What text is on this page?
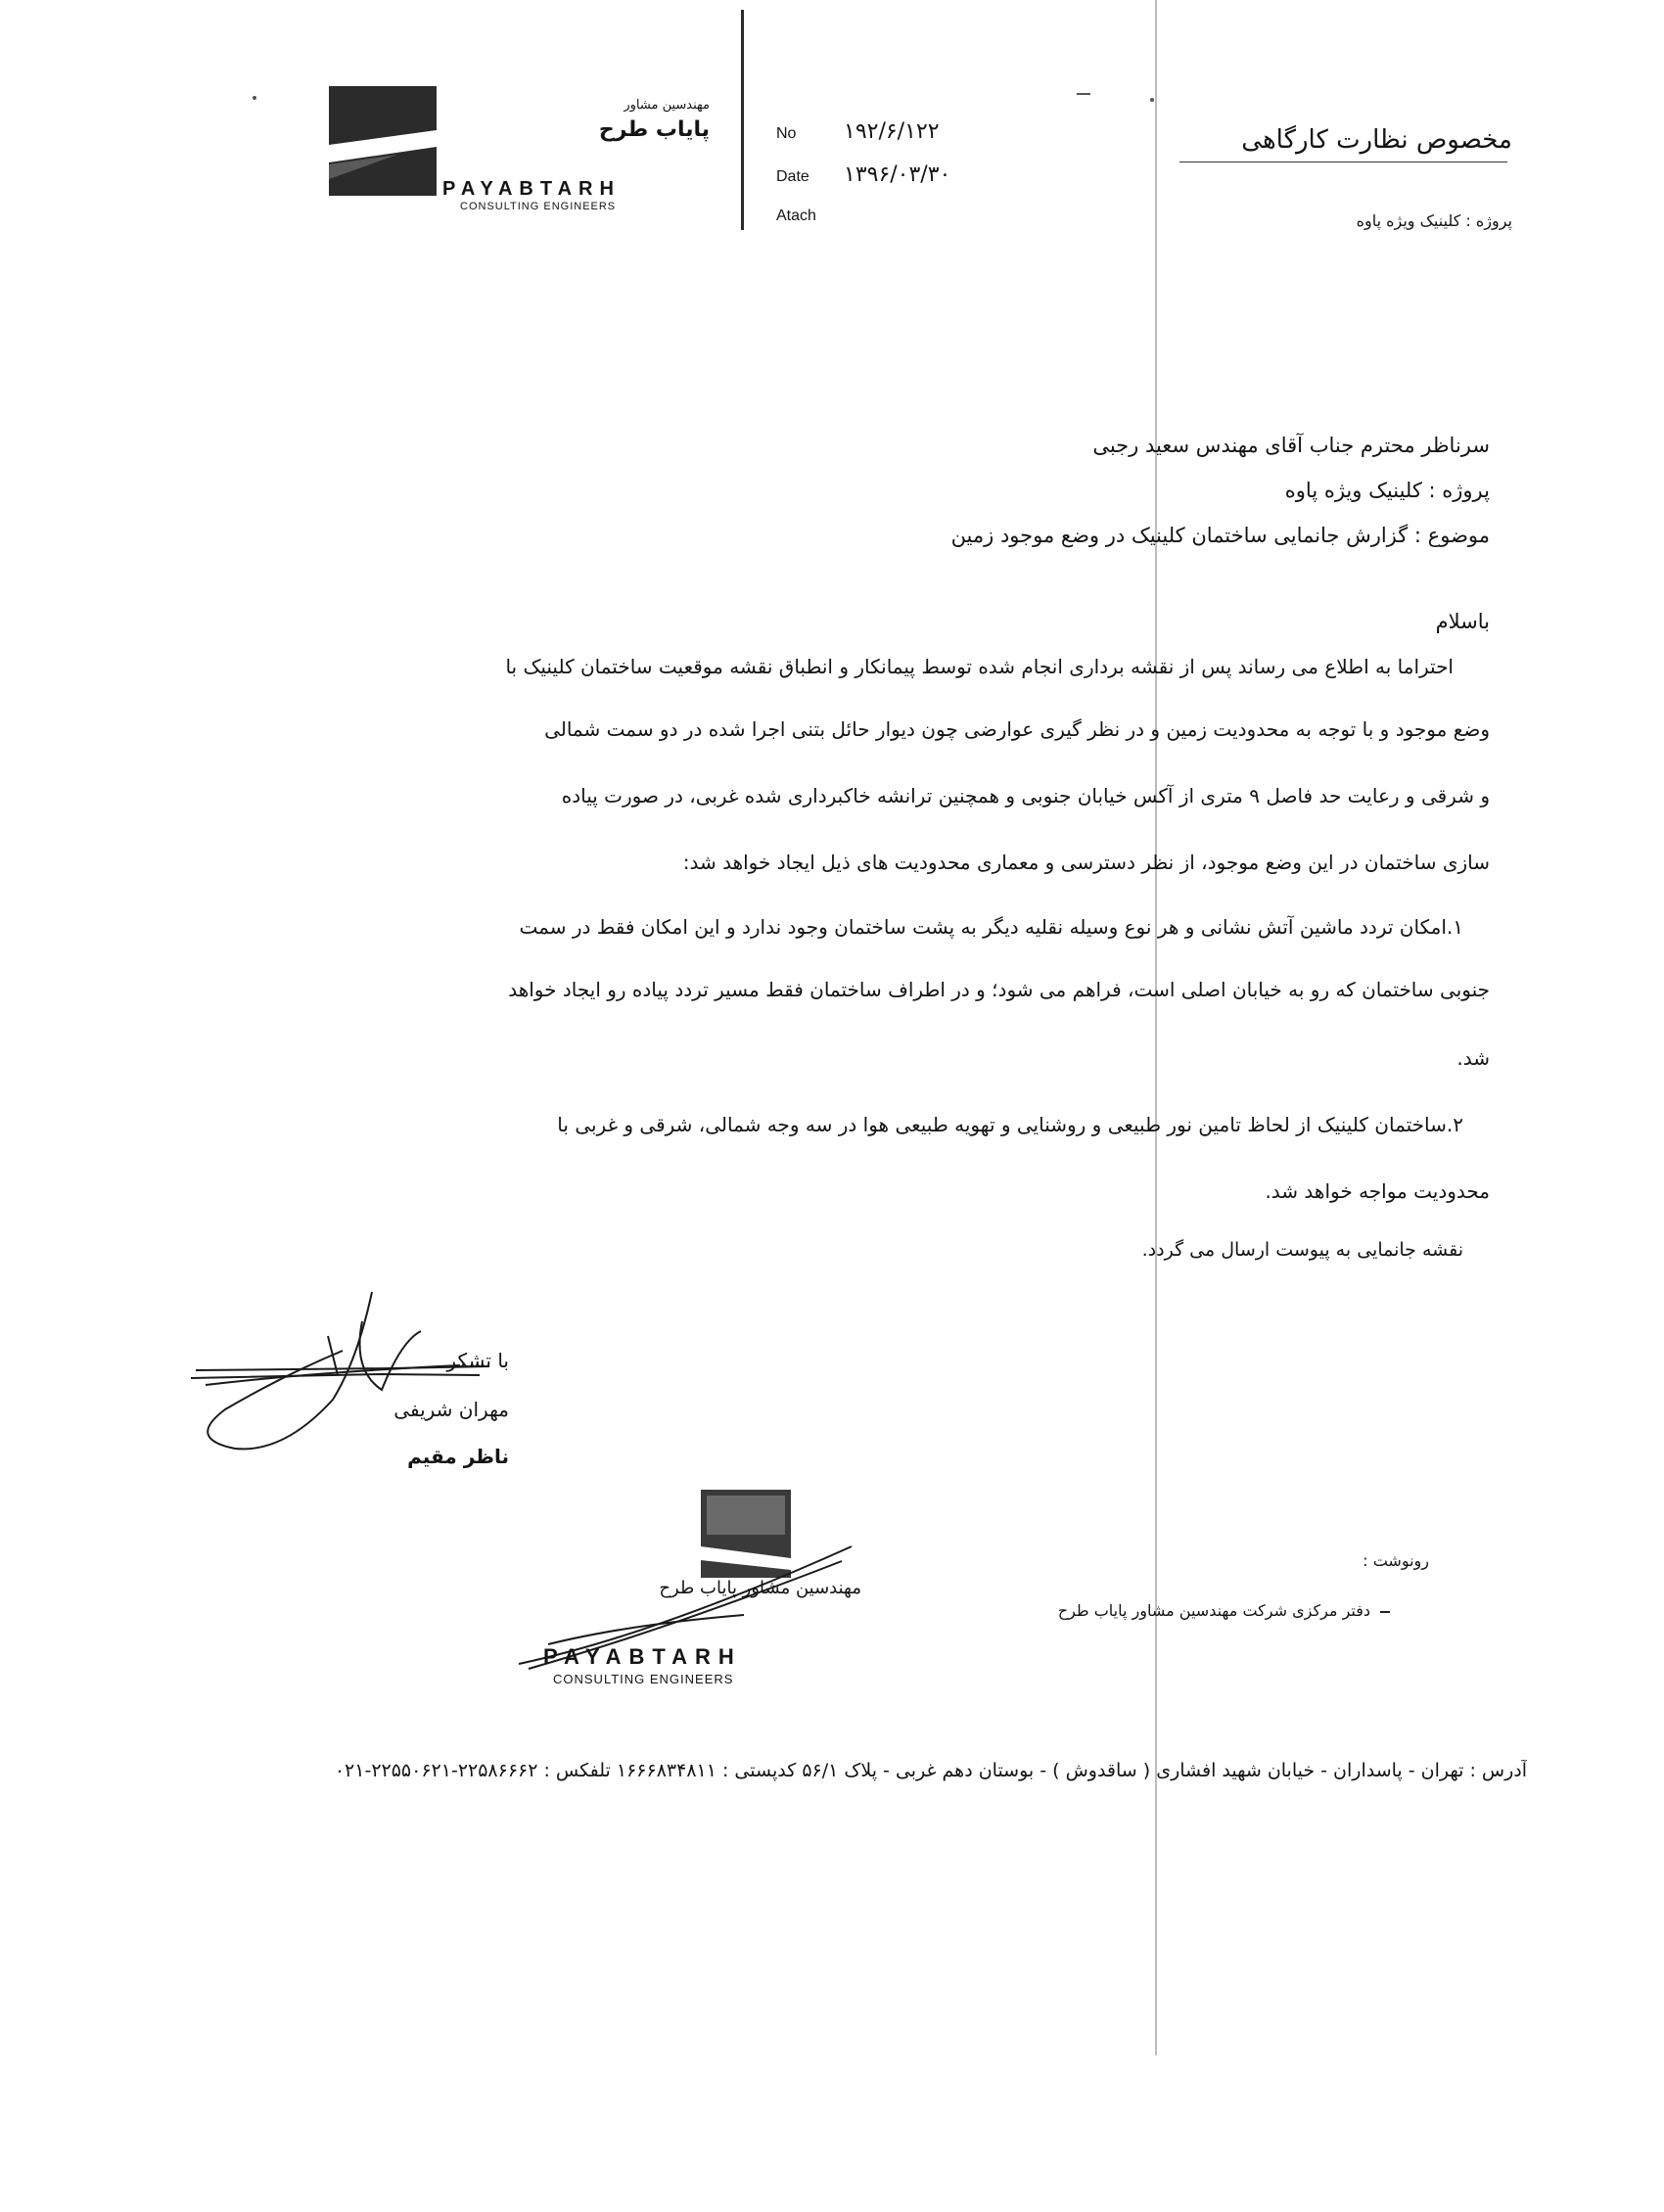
مهندسین مشاور
پایاب طرح
PAYABTARH
CONSULTING ENGINEERS
No ۱۹۲/۶/۱۲۲
Date ۱۳۹۶/۰۳/۳۰
Atach
مخصوص نظارت کارگاهی
پروژه : کلینیک ویژه پاوه
سرناظر محترم جناب آقای مهندس سعید رجبی
پروژه : کلینیک ویژه پاوه
موضوع : گزارش جانمایی ساختمان کلینیک در وضع موجود زمین
باسلام
احتراما به اطلاع می رساند پس از نقشه برداری انجام شده توسط پیمانکار و انطباق نقشه موقعیت ساختمان کلینیک با
وضع موجود و با توجه به محدودیت زمین و در نظر گیری عوارضی چون دیوار حائل بتنی اجرا شده در دو سمت شمالی
و شرقی و رعایت حد فاصل ۹ متری از آکس خیابان جنوبی و همچنین ترانشه خاکبرداری شده غربی، در صورت پیاده
سازی ساختمان در این وضع موجود، از نظر دسترسی و معماری محدودیت های ذیل ایجاد خواهد شد:
۱.امکان تردد ماشین آتش نشانی و هر نوع وسیله نقلیه دیگر به پشت ساختمان وجود ندارد و این امکان فقط در سمت
جنوبی ساختمان که رو به خیابان اصلی است، فراهم می شود؛ و در اطراف ساختمان فقط مسیر تردد پیاده رو ایجاد خواهد
شد.
۲.ساختمان کلینیک از لحاظ تامین نور طبیعی و روشنایی و تهویه طبیعی هوا در سه وجه شمالی، شرقی و غربی با
محدودیت مواجه خواهد شد.
نقشه جانمایی به پیوست ارسال می گردد.
با تشکر
مهران شریفی
ناظر مقیم
مهندسین مشاور پایاب طرح
PAYABTARH
CONSULTING ENGINEERS
رونوشت :
دفتر مرکزی شرکت مهندسین مشاور پایاب طرح
آدرس : تهران - پاسداران - خیابان شهید افشاری ( ساقدوش ) - بوستان دهم غربی - پلاک ۵۶/۱ کدپستی : ۱۶۶۶۸۳۴۸۱۱ تلفکس : ۲۲۵۸۶۶۶۲-۲۲۵۵۰۶۲۱-۰۲۱
